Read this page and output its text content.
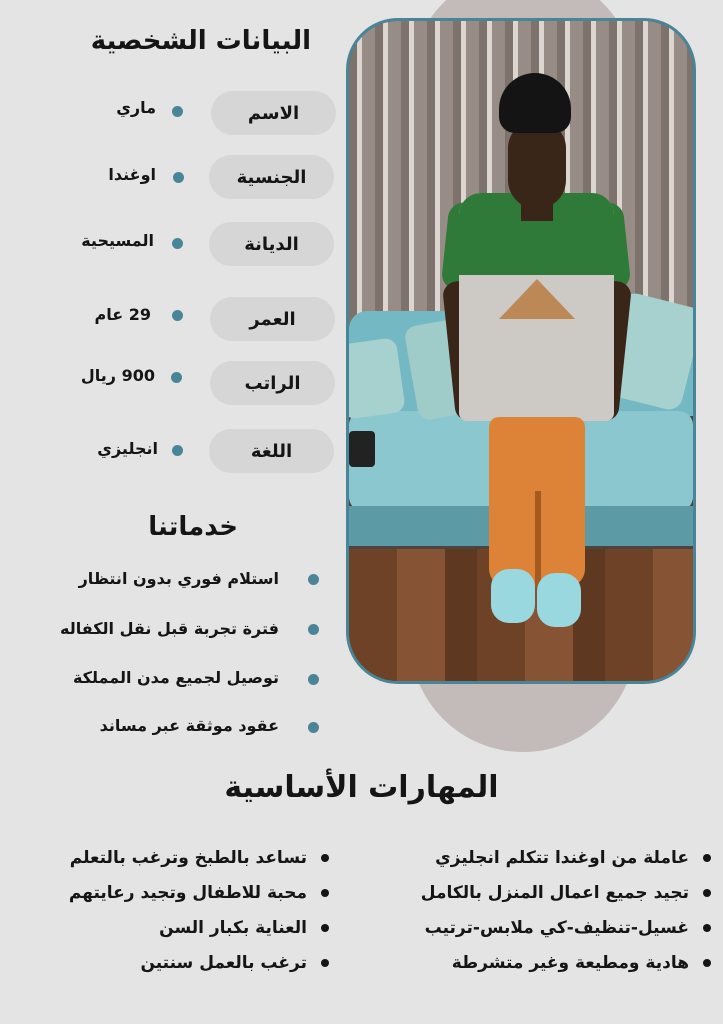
البيانات الشخصية
الاسم
ماري
الجنسية
اوغندا
الديانة
المسيحية
العمر
29 عام
الراتب
900 ريال
اللغة
انجليزي
خدماتنا
استلام فوري بدون انتظار
فترة تجربة قبل نقل الكفاله
توصيل لجميع مدن المملكة
عقود موثقة عبر مساند
المهارات الأساسية
عاملة من اوغندا تتكلم انجليزي
تجيد جميع اعمال المنزل بالكامل
غسيل-تنظيف-كي ملابس-ترتيب
هادية ومطيعة وغير متشرطة
تساعد بالطبخ وترغب بالتعلم
محبة للاطفال وتجيد رعايتهم
العناية بكبار السن
ترغب بالعمل سنتين
